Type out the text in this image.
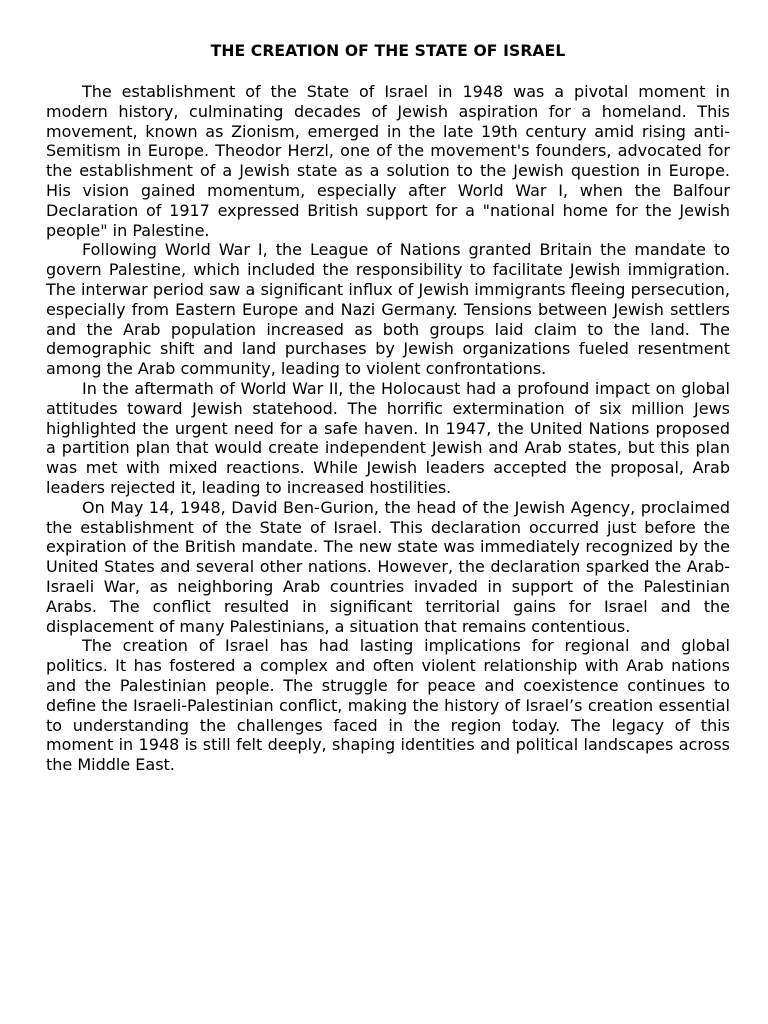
THE CREATION OF THE STATE OF ISRAEL

The establishment of the State of Israel in 1948 was a pivotal moment in modern history, culminating decades of Jewish aspiration for a homeland. This movement, known as Zionism, emerged in the late 19th century amid rising anti-Semitism in Europe. Theodor Herzl, one of the movement's founders, advocated for the establishment of a Jewish state as a solution to the Jewish question in Europe. His vision gained momentum, especially after World War I, when the Balfour Declaration of 1917 expressed British support for a "national home for the Jewish people" in Palestine.

Following World War I, the League of Nations granted Britain the mandate to govern Palestine, which included the responsibility to facilitate Jewish immigration. The interwar period saw a significant influx of Jewish immigrants fleeing persecution, especially from Eastern Europe and Nazi Germany. Tensions between Jewish settlers and the Arab population increased as both groups laid claim to the land. The demographic shift and land purchases by Jewish organizations fueled resentment among the Arab community, leading to violent confrontations.

In the aftermath of World War II, the Holocaust had a profound impact on global attitudes toward Jewish statehood. The horrific extermination of six million Jews highlighted the urgent need for a safe haven. In 1947, the United Nations proposed a partition plan that would create independent Jewish and Arab states, but this plan was met with mixed reactions. While Jewish leaders accepted the proposal, Arab leaders rejected it, leading to increased hostilities.

On May 14, 1948, David Ben-Gurion, the head of the Jewish Agency, proclaimed the establishment of the State of Israel. This declaration occurred just before the expiration of the British mandate. The new state was immediately recognized by the United States and several other nations. However, the declaration sparked the Arab-Israeli War, as neighboring Arab countries invaded in support of the Palestinian Arabs. The conflict resulted in significant territorial gains for Israel and the displacement of many Palestinians, a situation that remains contentious.

The creation of Israel has had lasting implications for regional and global politics. It has fostered a complex and often violent relationship with Arab nations and the Palestinian people. The struggle for peace and coexistence continues to define the Israeli-Palestinian conflict, making the history of Israel’s creation essential to understanding the challenges faced in the region today. The legacy of this moment in 1948 is still felt deeply, shaping identities and political landscapes across the Middle East.
